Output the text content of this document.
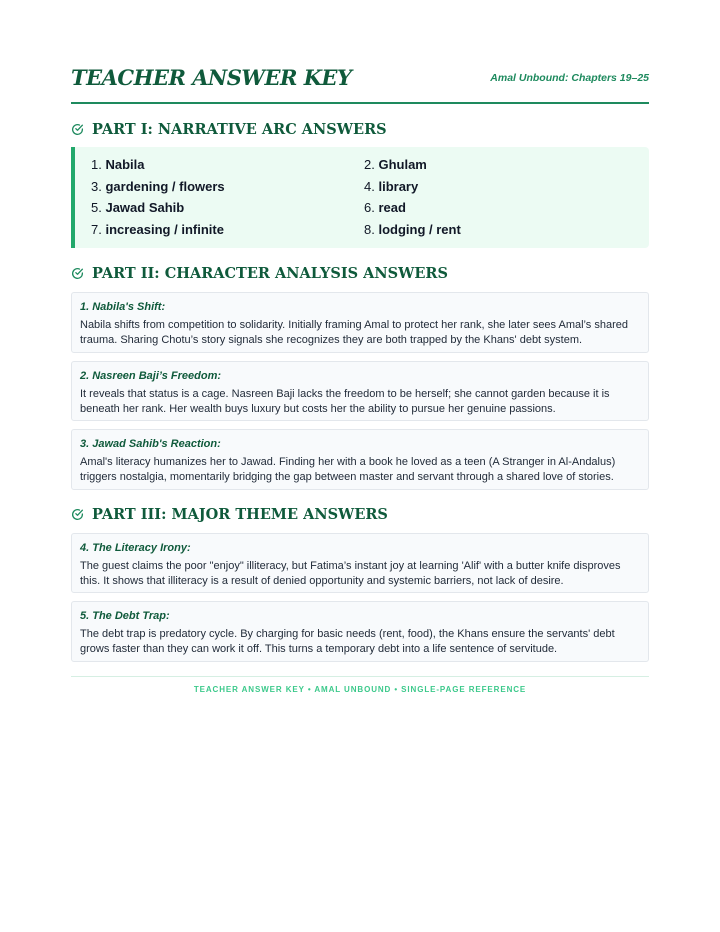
TEACHER ANSWER KEY	Amal Unbound: Chapters 19–25
PART I: NARRATIVE ARC ANSWERS
1. Nabila	2. Ghulam
3. gardening / flowers	4. library
5. Jawad Sahib	6. read
7. increasing / infinite	8. lodging / rent
PART II: CHARACTER ANALYSIS ANSWERS
1. Nabila's Shift:
Nabila shifts from competition to solidarity. Initially framing Amal to protect her rank, she later sees Amal’s shared trauma. Sharing Chotu’s story signals she recognizes they are both trapped by the Khans' debt system.
2. Nasreen Baji’s Freedom:
It reveals that status is a cage. Nasreen Baji lacks the freedom to be herself; she cannot garden because it is beneath her rank. Her wealth buys luxury but costs her the ability to pursue her genuine passions.
3. Jawad Sahib's Reaction:
Amal's literacy humanizes her to Jawad. Finding her with a book he loved as a teen (A Stranger in Al-Andalus) triggers nostalgia, momentarily bridging the gap between master and servant through a shared love of stories.
PART III: MAJOR THEME ANSWERS
4. The Literacy Irony:
The guest claims the poor "enjoy" illiteracy, but Fatima’s instant joy at learning 'Alif' with a butter knife disproves this. It shows that illiteracy is a result of denied opportunity and systemic barriers, not lack of desire.
5. The Debt Trap:
The debt trap is predatory cycle. By charging for basic needs (rent, food), the Khans ensure the servants' debt grows faster than they can work it off. This turns a temporary debt into a life sentence of servitude.
TEACHER ANSWER KEY • AMAL UNBOUND • SINGLE-PAGE REFERENCE
